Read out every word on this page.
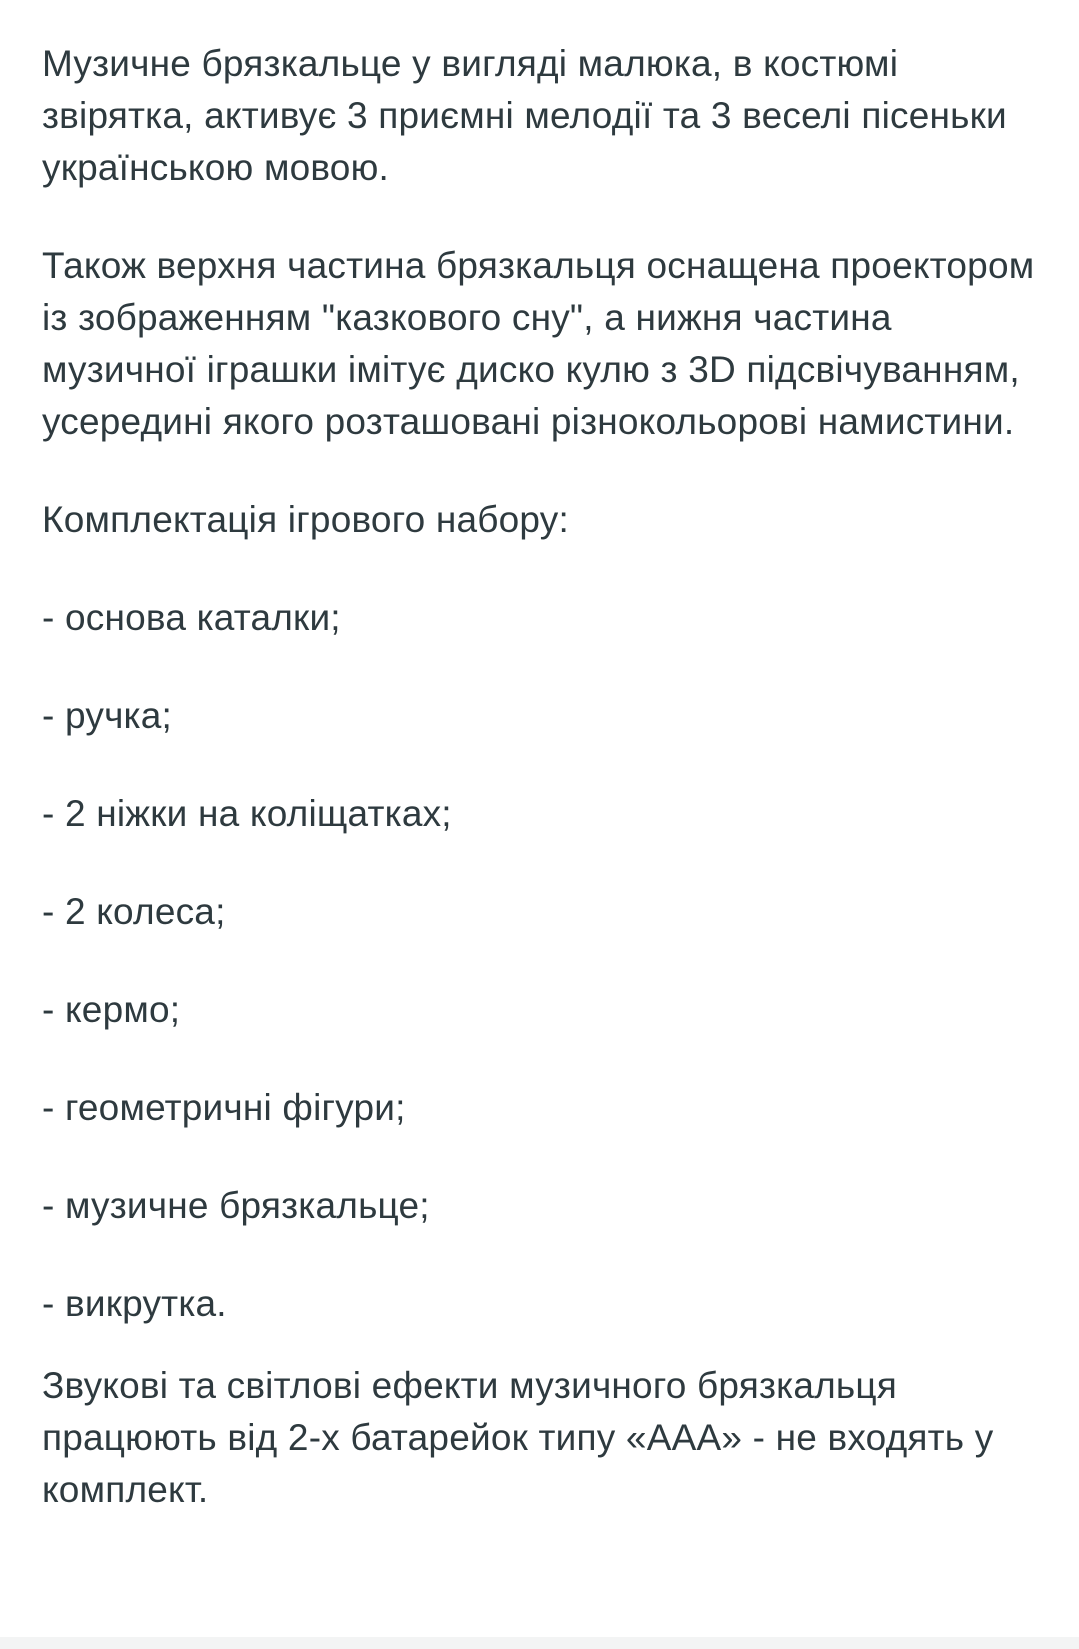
Музичне брязкальце у вигляді малюка, в костюмі звірятка, активує 3 приємні мелодії та 3 веселі пісеньки українською мовою.

Також верхня частина брязкальця оснащена проектором із зображенням "казкового сну", а нижня частина музичної іграшки імітує диско кулю з 3D підсвічуванням, усередині якого розташовані різнокольорові намистини.

Комплектація ігрового набору:

- основа каталки;

- ручка;

- 2 ніжки на коліщатках;

- 2 колеса;

- кермо;

- геометричні фігури;

- музичне брязкальце;

- викрутка.

Звукові та світлові ефекти музичного брязкальця працюють від 2-х батарейок типу «ААА» - не входять у комплект.
